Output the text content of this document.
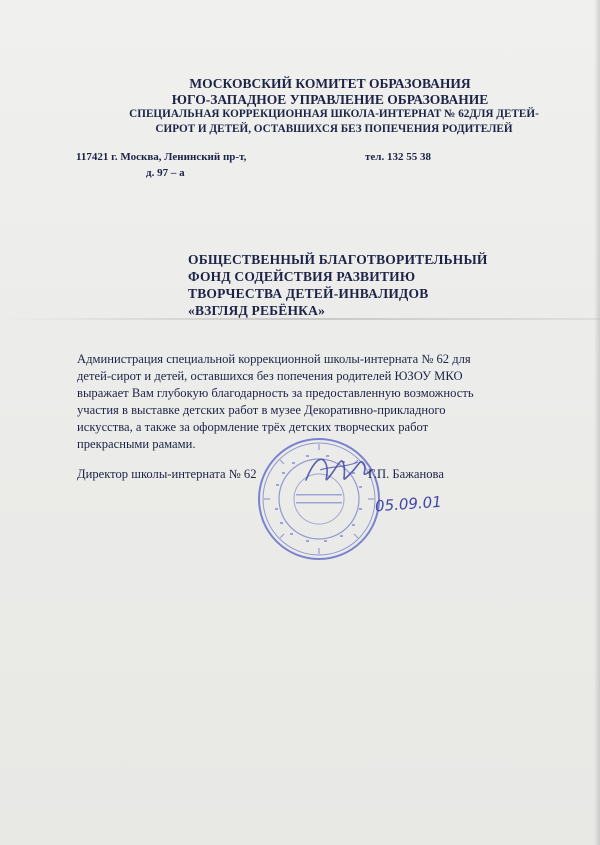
МОСКОВСКИЙ КОМИТЕТ ОБРАЗОВАНИЯ
ЮГО-ЗАПАДНОЕ УПРАВЛЕНИЕ ОБРАЗОВАНИЕ
СПЕЦИАЛЬНАЯ КОРРЕКЦИОННАЯ ШКОЛА-ИНТЕРНАТ № 62ДЛЯ ДЕТЕЙ-
СИРОТ И ДЕТЕЙ, ОСТАВШИХСЯ БЕЗ ПОПЕЧЕНИЯ РОДИТЕЛЕЙ
117421 г. Москва, Ленинский пр-т,
д. 97 – а
тел. 132 55 38
ОБЩЕСТВЕННЫЙ БЛАГОТВОРИТЕЛЬНЫЙ
ФОНД СОДЕЙСТВИЯ РАЗВИТИЮ
ТВОРЧЕСТВА ДЕТЕЙ-ИНВАЛИДОВ
«ВЗГЛЯД РЕБЁНКА»
Администрация специальной коррекционной школы-интерната № 62 для
детей-сирот и детей, оставшихся без попечения родителей ЮЗОУ МКО
выражает Вам глубокую благодарность за предоставленную возможность
участия в выставке детских работ в музее Декоративно-прикладного
искусства, а также за оформление трёх детских творческих работ
прекрасными рамами.
Директор школы-интерната № 62	Г.П. Бажанова
05.09.01
